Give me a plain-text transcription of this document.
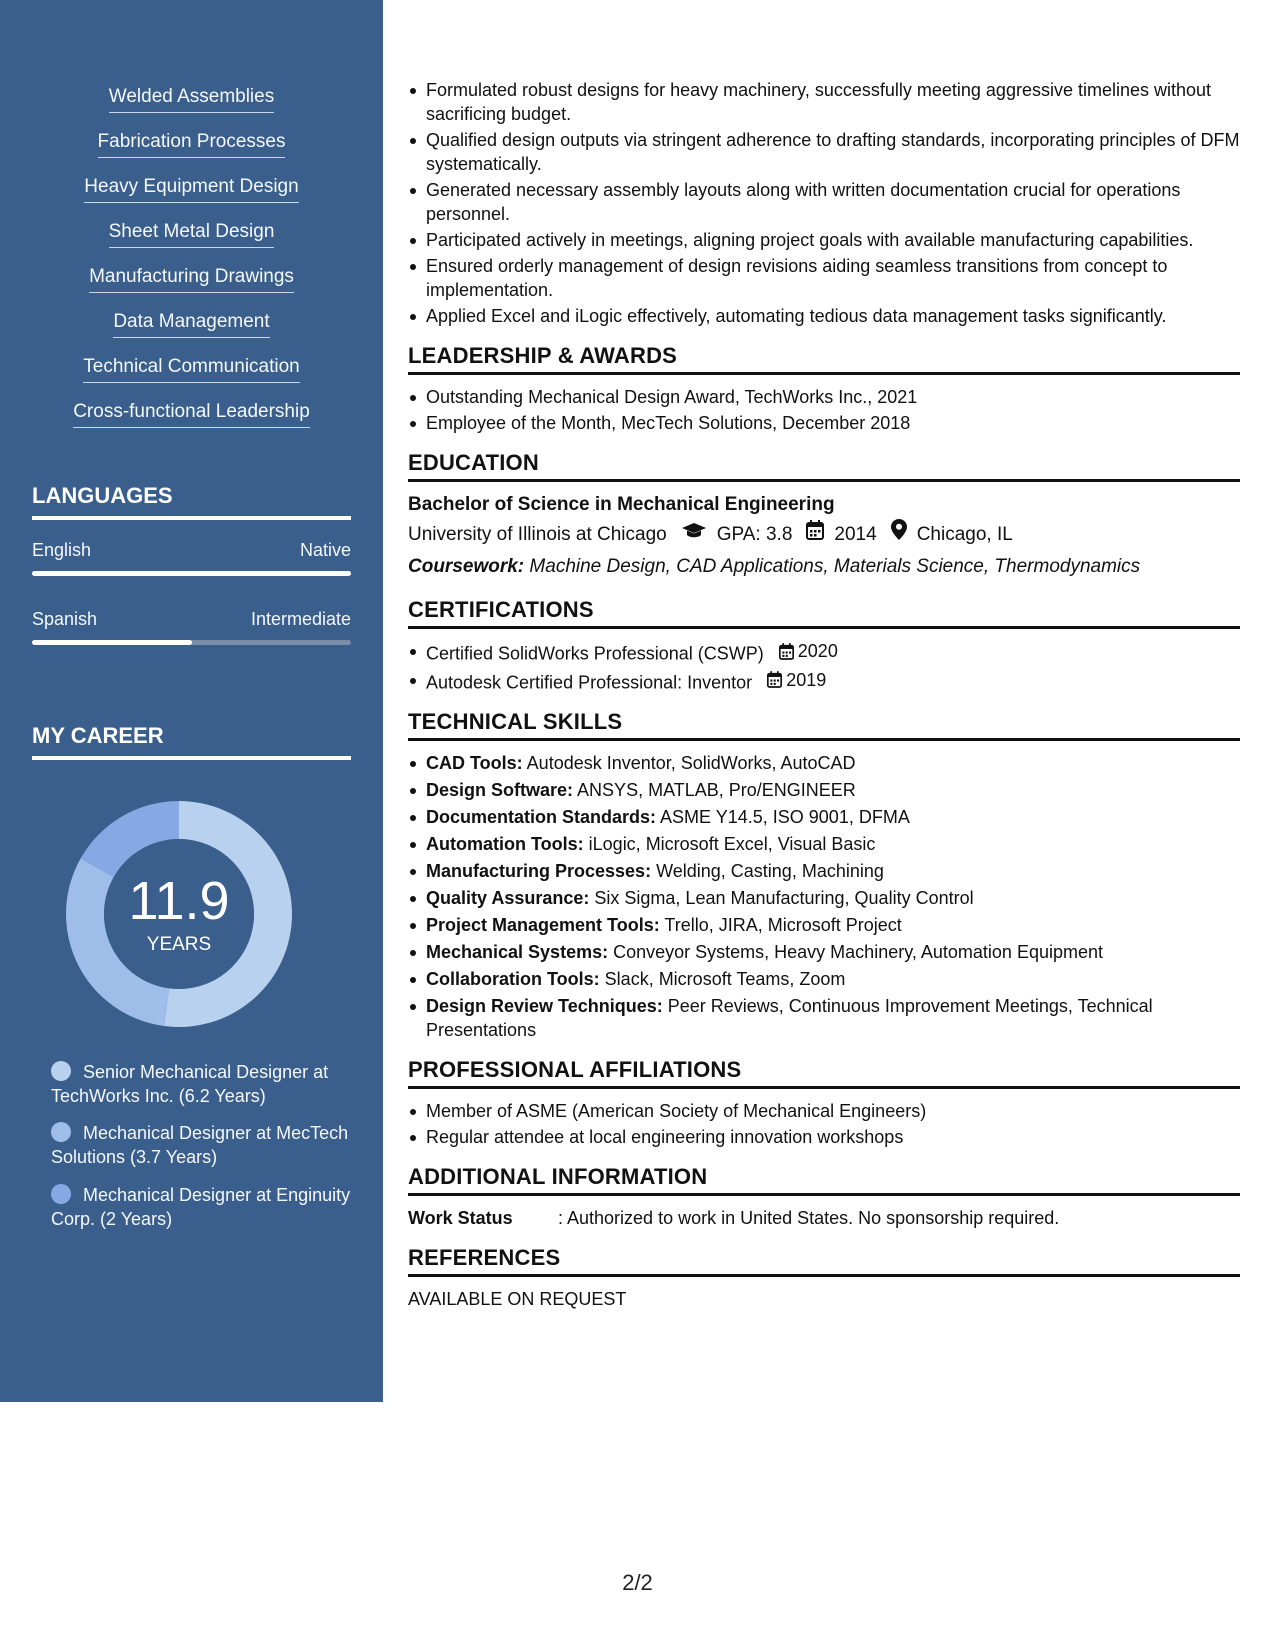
Welded Assemblies
Fabrication Processes
Heavy Equipment Design
Sheet Metal Design
Manufacturing Drawings
Data Management
Technical Communication
Cross-functional Leadership
LANGUAGES
English	Native
Spanish	Intermediate
MY CAREER
11.9
YEARS
Senior Mechanical Designer at TechWorks Inc. (6.2 Years)
Mechanical Designer at MecTech Solutions (3.7 Years)
Mechanical Designer at Enginuity Corp. (2 Years)
Formulated robust designs for heavy machinery, successfully meeting aggressive timelines without sacrificing budget.
Qualified design outputs via stringent adherence to drafting standards, incorporating principles of DFM systematically.
Generated necessary assembly layouts along with written documentation crucial for operations personnel.
Participated actively in meetings, aligning project goals with available manufacturing capabilities.
Ensured orderly management of design revisions aiding seamless transitions from concept to implementation.
Applied Excel and iLogic effectively, automating tedious data management tasks significantly.
LEADERSHIP & AWARDS
Outstanding Mechanical Design Award, TechWorks Inc., 2021
Employee of the Month, MecTech Solutions, December 2018
EDUCATION
Bachelor of Science in Mechanical Engineering
University of Illinois at Chicago	GPA: 3.8 2014 Chicago, IL
Coursework: Machine Design, CAD Applications, Materials Science, Thermodynamics
CERTIFICATIONS
Certified SolidWorks Professional (CSWP) 2020
Autodesk Certified Professional: Inventor 2019
TECHNICAL SKILLS
CAD Tools: Autodesk Inventor, SolidWorks, AutoCAD
Design Software: ANSYS, MATLAB, Pro/ENGINEER
Documentation Standards: ASME Y14.5, ISO 9001, DFMA
Automation Tools: iLogic, Microsoft Excel, Visual Basic
Manufacturing Processes: Welding, Casting, Machining
Quality Assurance: Six Sigma, Lean Manufacturing, Quality Control
Project Management Tools: Trello, JIRA, Microsoft Project
Mechanical Systems: Conveyor Systems, Heavy Machinery, Automation Equipment
Collaboration Tools: Slack, Microsoft Teams, Zoom
Design Review Techniques: Peer Reviews, Continuous Improvement Meetings, Technical Presentations
PROFESSIONAL AFFILIATIONS
Member of ASME (American Society of Mechanical Engineers)
Regular attendee at local engineering innovation workshops
ADDITIONAL INFORMATION
Work Status	: Authorized to work in United States. No sponsorship required.
REFERENCES
AVAILABLE ON REQUEST
2/2
